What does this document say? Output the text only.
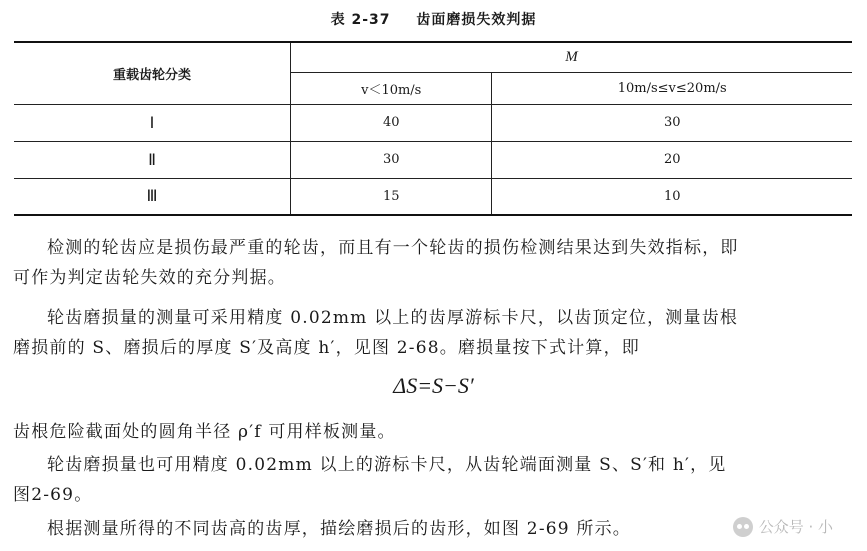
表 2-37 齿面磨损失效判据
重载齿轮分类	M	
	v＜10m/s	10m/s≤v≤20m/s
Ⅰ	40	30
Ⅱ	30	20
Ⅲ	15	10
检测的轮齿应是损伤最严重的轮齿，而且有一个轮齿的损伤检测结果达到失效指标，即
可作为判定齿轮失效的充分判据。
轮齿磨损量的测量可采用精度 0.02mm 以上的齿厚游标卡尺，以齿顶定位，测量齿根
磨损前的 S、磨损后的厚度 S′及高度 h′，见图 2-68。磨损量按下式计算，即
ΔS=S−S′
齿根危险截面处的圆角半径 ρ′f 可用样板测量。
轮齿磨损量也可用精度 0.02mm 以上的游标卡尺，从齿轮端面测量 S、S′和 h′，见
图2-69。
根据测量所得的不同齿高的齿厚，描绘磨损后的齿形，如图 2-69 所示。	公众号 · 小
